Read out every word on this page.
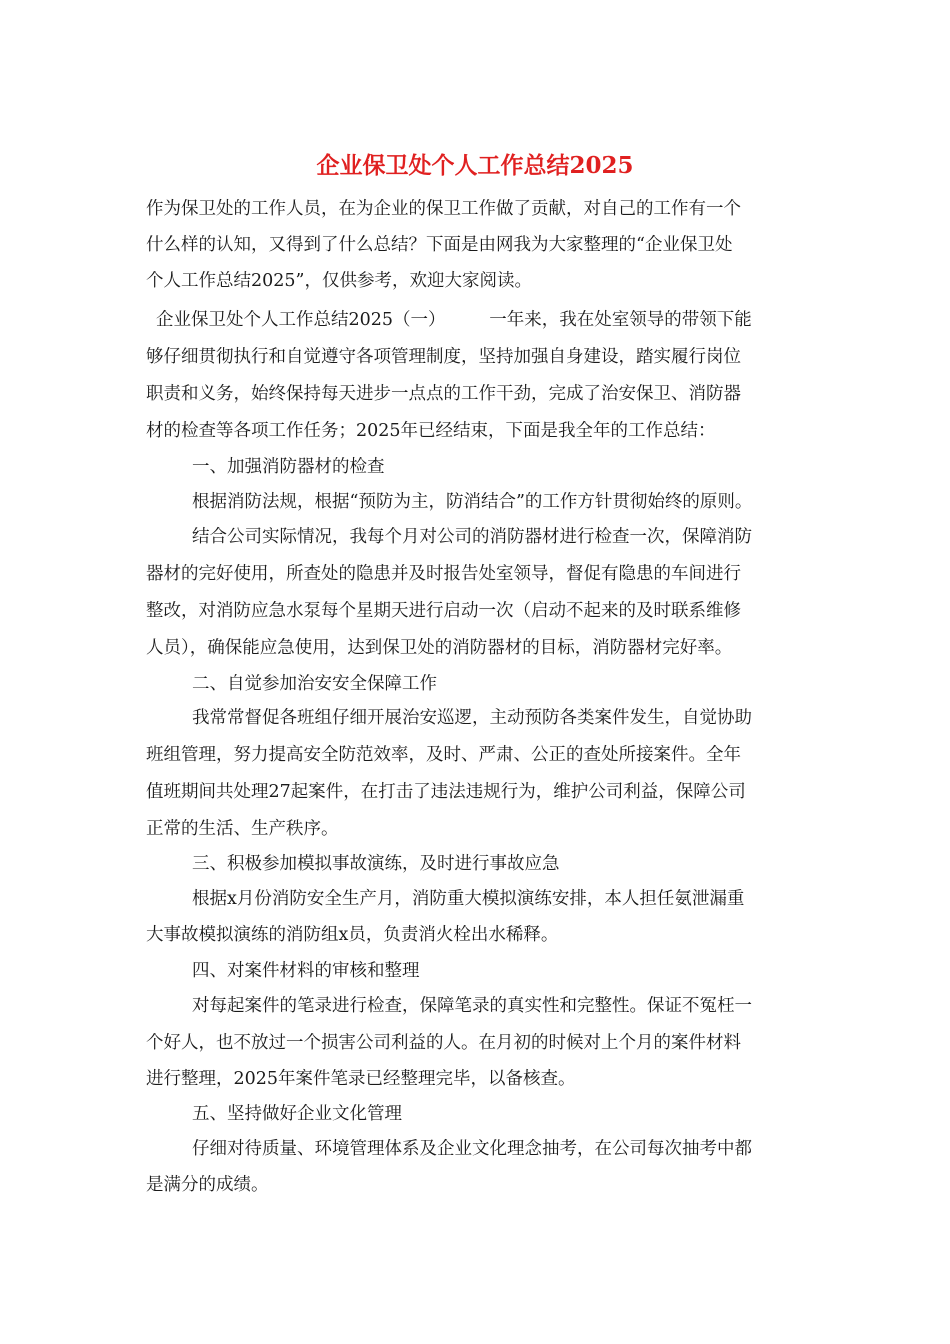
企业保卫处个人工作总结2025
作为保卫处的工作人员，在为企业的保卫工作做了贡献，对自己的工作有一个
什么样的认知，又得到了什么总结？下面是由网我为大家整理的“企业保卫处
个人工作总结2025”，仅供参考，欢迎大家阅读。
企业保卫处个人工作总结2025（一）　　　一年来，我在处室领导的带领下能
够仔细贯彻执行和自觉遵守各项管理制度，坚持加强自身建设，踏实履行岗位
职责和义务，始终保持每天进步一点点的工作干劲，完成了治安保卫、消防器
材的检查等各项工作任务；2025年已经结束，下面是我全年的工作总结：
一、加强消防器材的检查
根据消防法规，根据“预防为主，防消结合”的工作方针贯彻始终的原则。
结合公司实际情况，我每个月对公司的消防器材进行检查一次，保障消防
器材的完好使用，所查处的隐患并及时报告处室领导，督促有隐患的车间进行
整改，对消防应急水泵每个星期天进行启动一次（启动不起来的及时联系维修
人员），确保能应急使用，达到保卫处的消防器材的目标，消防器材完好率。
二、自觉参加治安安全保障工作
我常常督促各班组仔细开展治安巡逻，主动预防各类案件发生，自觉协助
班组管理，努力提高安全防范效率，及时、严肃、公正的查处所接案件。全年
值班期间共处理27起案件，在打击了违法违规行为，维护公司利益，保障公司
正常的生活、生产秩序。
三、积极参加模拟事故演练，及时进行事故应急
根据x月份消防安全生产月，消防重大模拟演练安排，本人担任氨泄漏重
大事故模拟演练的消防组x员，负责消火栓出水稀释。
四、对案件材料的审核和整理
对每起案件的笔录进行检查，保障笔录的真实性和完整性。保证不冤枉一
个好人，也不放过一个损害公司利益的人。在月初的时候对上个月的案件材料
进行整理，2025年案件笔录已经整理完毕，以备核查。
五、坚持做好企业文化管理
仔细对待质量、环境管理体系及企业文化理念抽考，在公司每次抽考中都
是满分的成绩。
